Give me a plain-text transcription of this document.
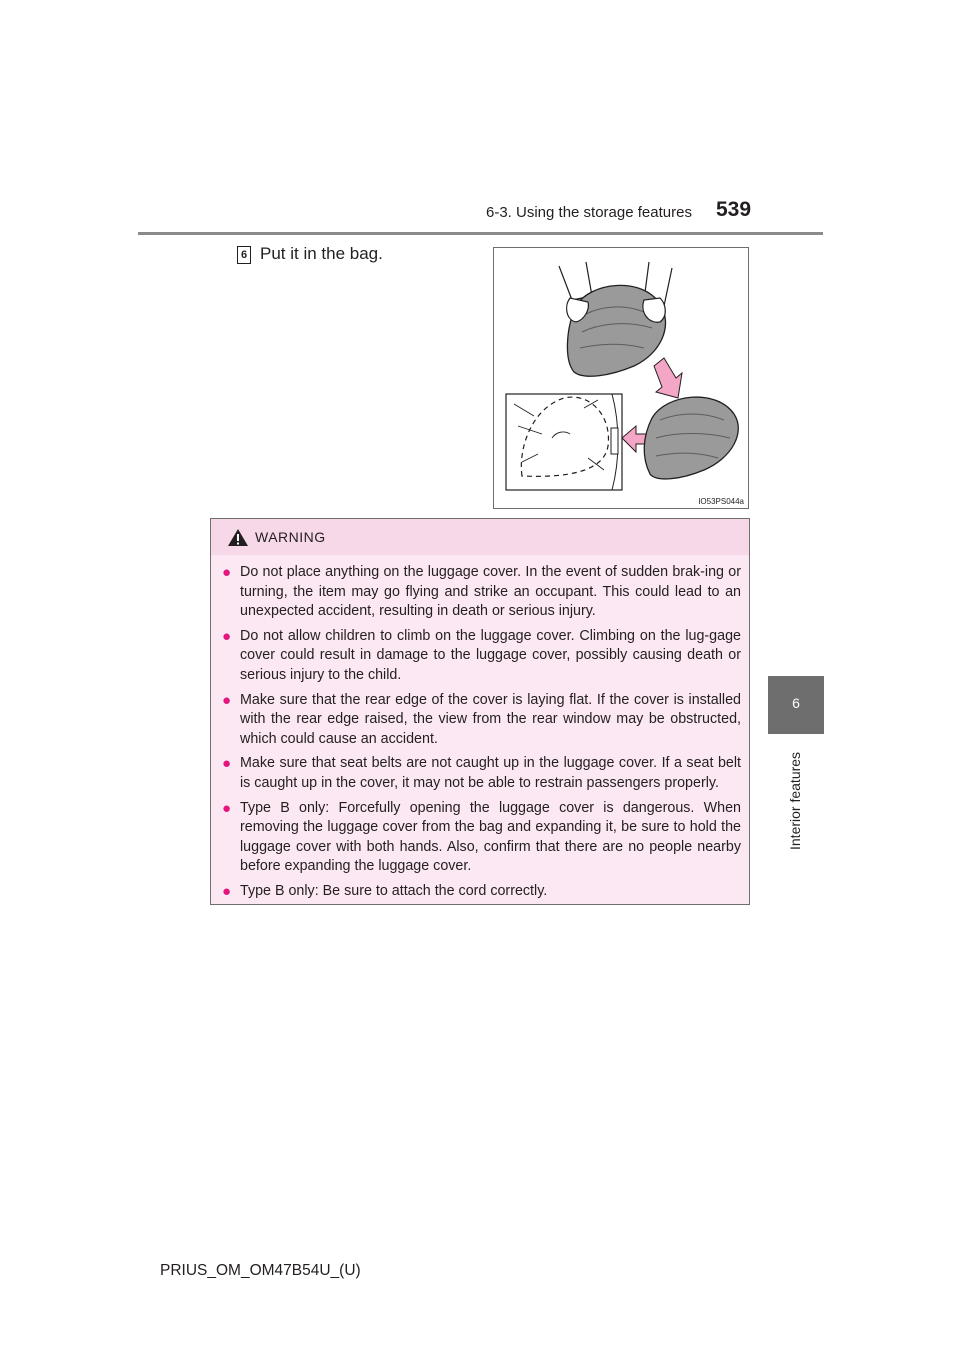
6-3. Using the storage features 539
6
Interior features
6 Put it in the bag.
IO53PS044a
WARNING
● Do not place anything on the luggage cover. In the event of sudden brak-ing or turning, the item may go flying and strike an occupant. This could lead to an unexpected accident, resulting in death or serious injury.
● Do not allow children to climb on the luggage cover. Climbing on the lug-gage cover could result in damage to the luggage cover, possibly causing death or serious injury to the child.
● Make sure that the rear edge of the cover is laying flat. If the cover is installed with the rear edge raised, the view from the rear window may be obstructed, which could cause an accident.
● Make sure that seat belts are not caught up in the luggage cover. If a seat belt is caught up in the cover, it may not be able to restrain passengers properly.
● Type B only: Forcefully opening the luggage cover is dangerous. When removing the luggage cover from the bag and expanding it, be sure to hold the luggage cover with both hands. Also, confirm that there are no people nearby before expanding the luggage cover.
● Type B only: Be sure to attach the cord correctly.
PRIUS_OM_OM47B54U_(U)
